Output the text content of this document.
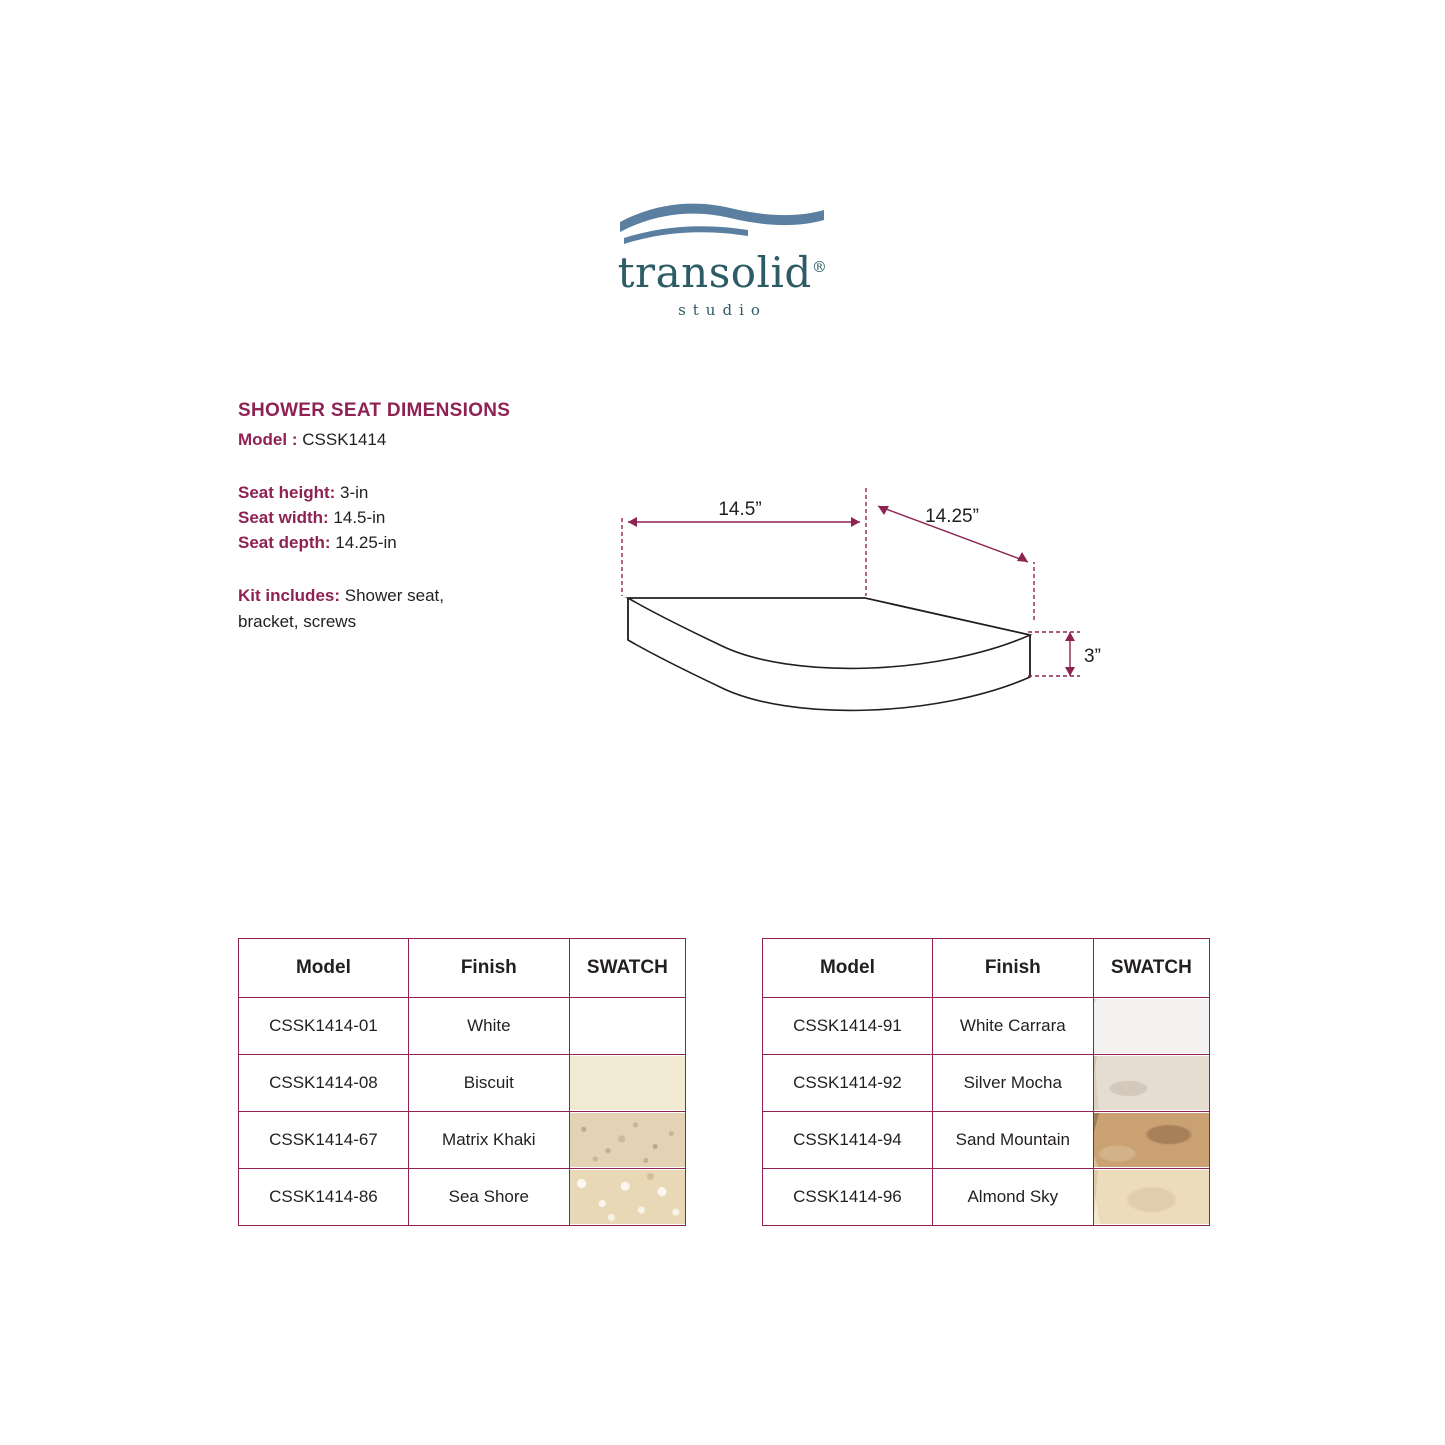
transolid®
studio
SHOWER SEAT DIMENSIONS
Model : CSSK1414
Seat height: 3-in
Seat width: 14.5-in
Seat depth: 14.25-in
Kit includes: Shower seat,
bracket, screws
14.5”	14.25”
3”
Model	Finish	SWATCH
CSSK1414-01	White	

CSSK1414-08	Biscuit	

CSSK1414-67	Matrix Khaki	

CSSK1414-86	Sea Shore	
Model	Finish	SWATCH
CSSK1414-91	White Carrara	

CSSK1414-92	Silver Mocha	

CSSK1414-94	Sand Mountain	

CSSK1414-96	Almond Sky	
